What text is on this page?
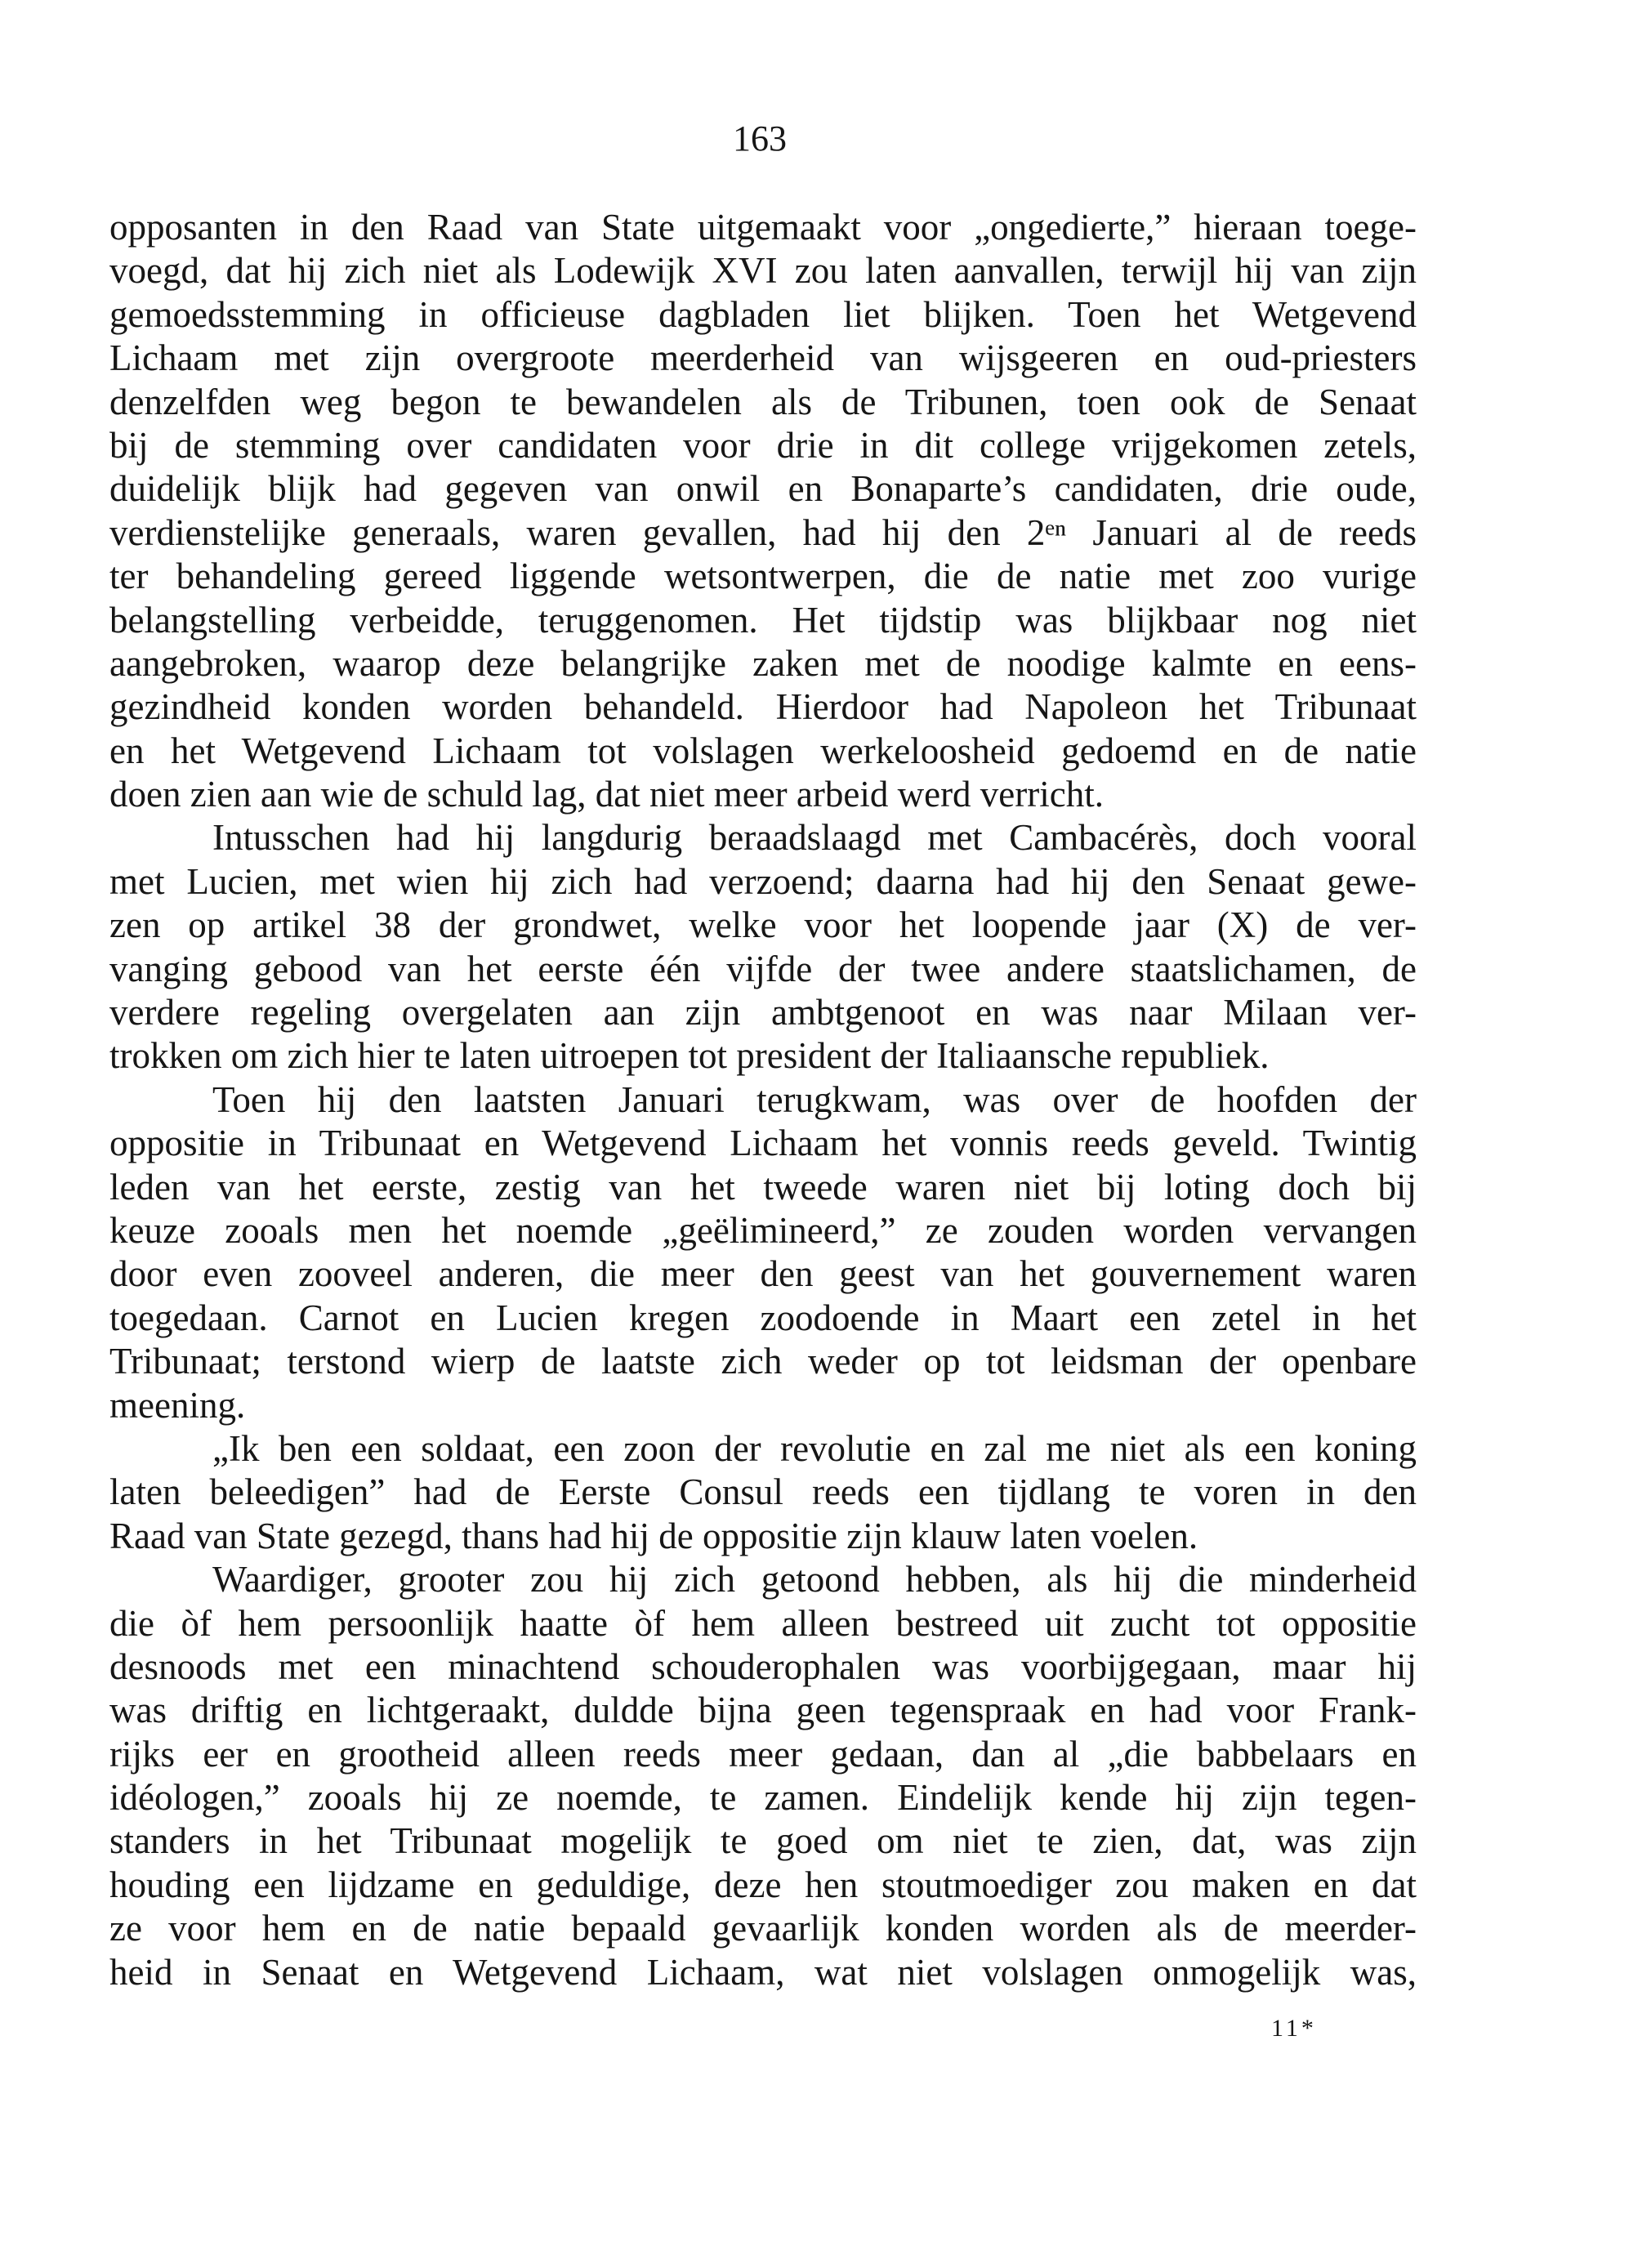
163
opposanten in den Raad van State uitgemaakt voor „ongedierte,” hieraan toege-
voegd, dat hij zich niet als Lodewijk XVI zou laten aanvallen, terwijl hij van zijn
gemoedsstemming in officieuse dagbladen liet blijken. Toen het Wetgevend
Lichaam met zijn overgroote meerderheid van wijsgeeren en oud-priesters
denzelfden weg begon te bewandelen als de Tribunen, toen ook de Senaat
bij de stemming over candidaten voor drie in dit college vrijgekomen zetels,
duidelijk blijk had gegeven van onwil en Bonaparte’s candidaten, drie oude,
verdienstelijke generaals, waren gevallen, had hij den 2ᵉⁿ Januari al de reeds
ter behandeling gereed liggende wetsontwerpen, die de natie met zoo vurige
belangstelling verbeidde, teruggenomen. Het tijdstip was blijkbaar nog niet
aangebroken, waarop deze belangrijke zaken met de noodige kalmte en eens-
gezindheid konden worden behandeld. Hierdoor had Napoleon het Tribunaat
en het Wetgevend Lichaam tot volslagen werkeloosheid gedoemd en de natie
doen zien aan wie de schuld lag, dat niet meer arbeid werd verricht.
Intusschen had hij langdurig beraadslaagd met Cambacérès, doch vooral
met Lucien, met wien hij zich had verzoend; daarna had hij den Senaat gewe-
zen op artikel 38 der grondwet, welke voor het loopende jaar (X) de ver-
vanging gebood van het eerste één vijfde der twee andere staatslichamen, de
verdere regeling overgelaten aan zijn ambtgenoot en was naar Milaan ver-
trokken om zich hier te laten uitroepen tot president der Italiaansche republiek.
Toen hij den laatsten Januari terugkwam, was over de hoofden der
oppositie in Tribunaat en Wetgevend Lichaam het vonnis reeds geveld. Twintig
leden van het eerste, zestig van het tweede waren niet bij loting doch bij
keuze zooals men het noemde „geëlimineerd,” ze zouden worden vervangen
door even zooveel anderen, die meer den geest van het gouvernement waren
toegedaan. Carnot en Lucien kregen zoodoende in Maart een zetel in het
Tribunaat; terstond wierp de laatste zich weder op tot leidsman der openbare
meening.
„Ik ben een soldaat, een zoon der revolutie en zal me niet als een koning
laten beleedigen” had de Eerste Consul reeds een tijdlang te voren in den
Raad van State gezegd, thans had hij de oppositie zijn klauw laten voelen.
Waardiger, grooter zou hij zich getoond hebben, als hij die minderheid
die òf hem persoonlijk haatte òf hem alleen bestreed uit zucht tot oppositie
desnoods met een minachtend schouderophalen was voorbijgegaan, maar hij
was driftig en lichtgeraakt, duldde bijna geen tegenspraak en had voor Frank-
rijks eer en grootheid alleen reeds meer gedaan, dan al „die babbelaars en
idéologen,” zooals hij ze noemde, te zamen. Eindelijk kende hij zijn tegen-
standers in het Tribunaat mogelijk te goed om niet te zien, dat, was zijn
houding een lijdzame en geduldige, deze hen stoutmoediger zou maken en dat
ze voor hem en de natie bepaald gevaarlijk konden worden als de meerder-
heid in Senaat en Wetgevend Lichaam, wat niet volslagen onmogelijk was,
11*
